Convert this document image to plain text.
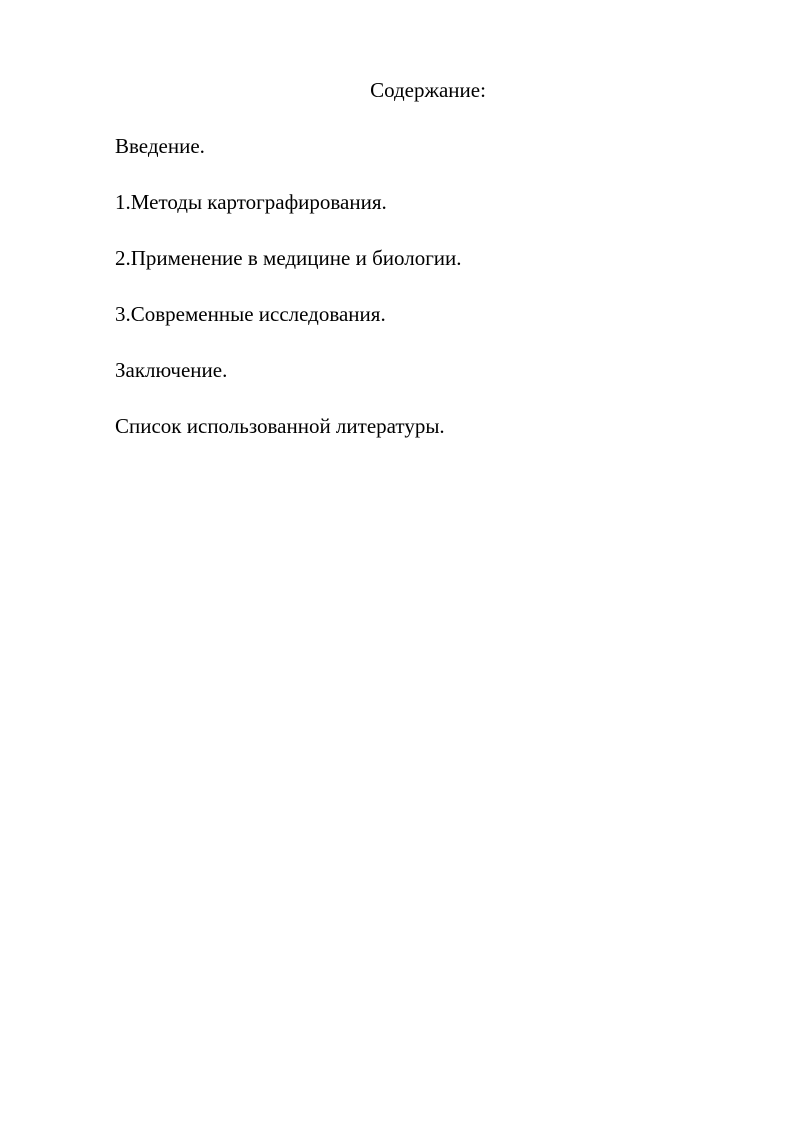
Содержание:
Введение.
1.Методы картографирования.
2.Применение в медицине и биологии.
3.Современные исследования.
Заключение.
Список использованной литературы.
